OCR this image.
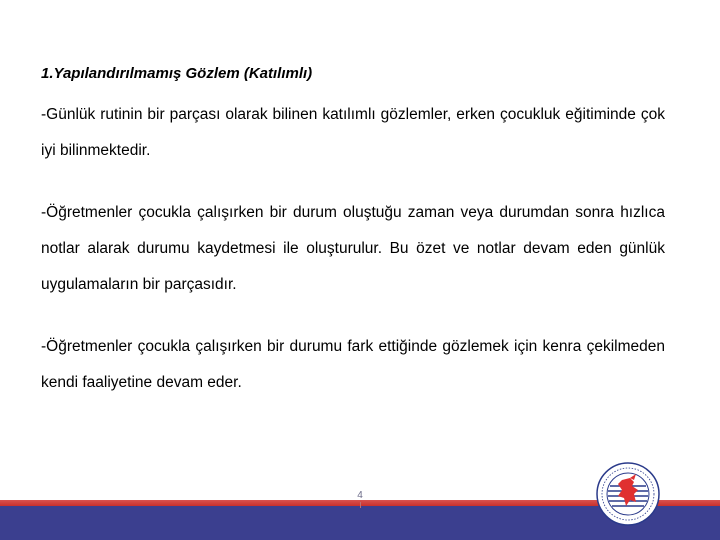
1.Yapılandırılmamış Gözlem (Katılımlı)

-Günlük rutinin bir parçası olarak bilinen katılımlı gözlemler, erken çocukluk eğitiminde çok iyi bilinmektedir.

-Öğretmenler çocukla çalışırken bir durum oluştuğu zaman veya durumdan sonra hızlıca notlar alarak durumu kaydetmesi ile oluşturulur. Bu özet ve notlar devam eden günlük uygulamaların bir parçasıdır.

-Öğretmenler çocukla çalışırken bir durumu fark ettiğinde gözlemek için kenra çekilmeden kendi faaliyetine devam eder.

4
